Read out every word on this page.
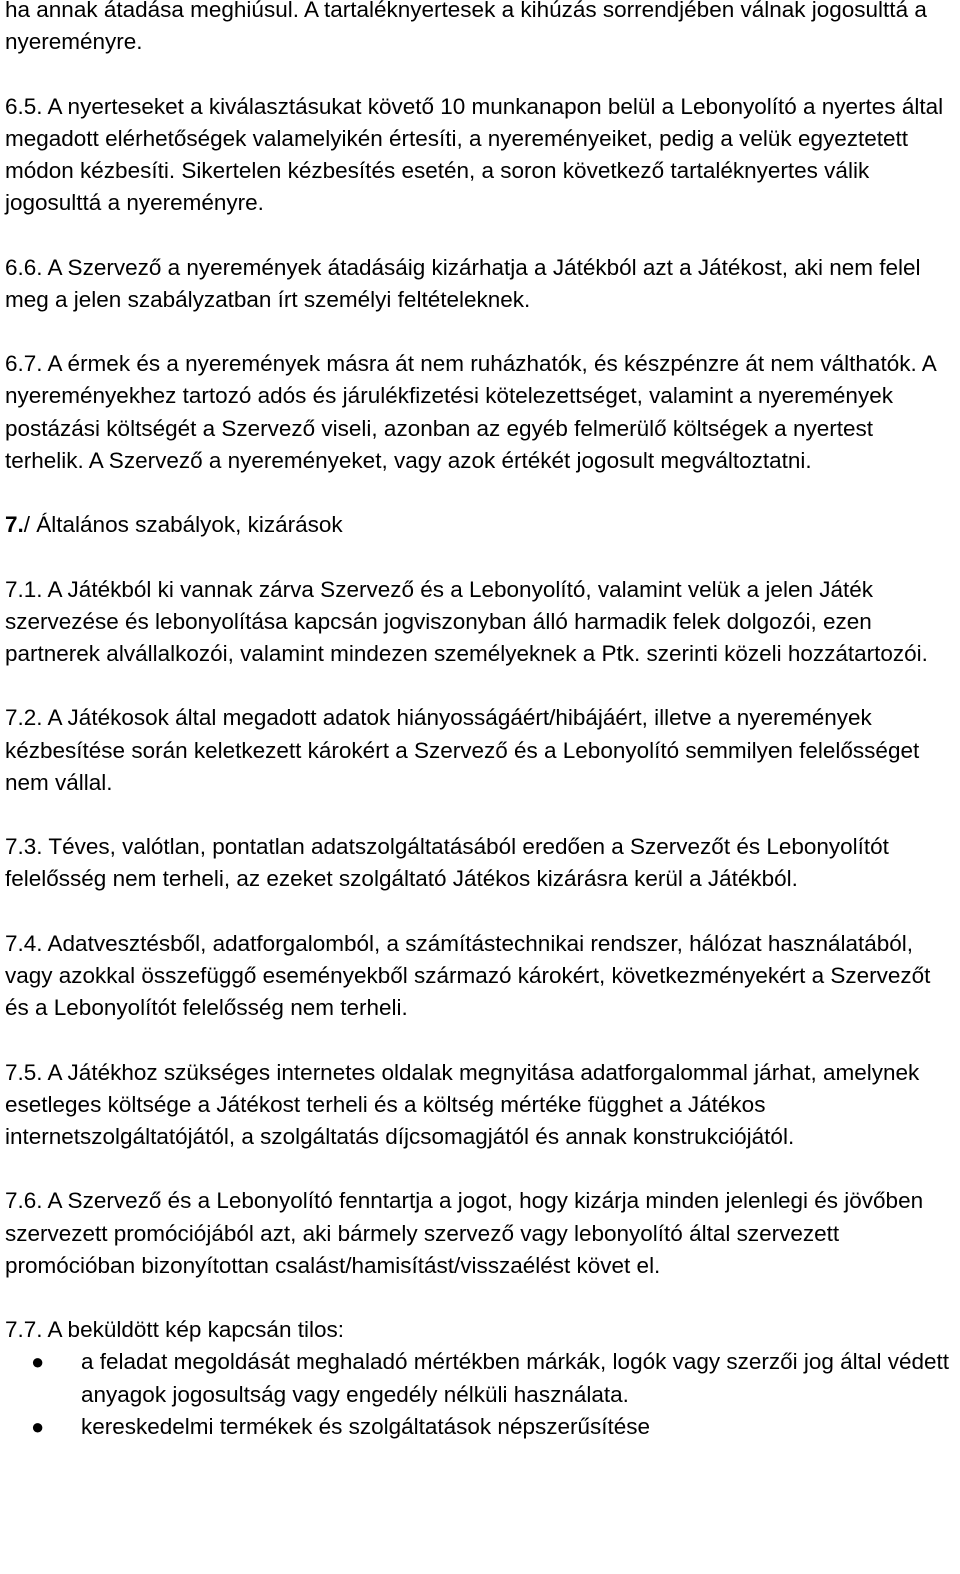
ha annak átadása meghiúsul. A tartaléknyertesek a kihúzás sorrendjében válnak jogosulttá a nyereményre.

6.5. A nyerteseket a kiválasztásukat követő 10 munkanapon belül a Lebonyolító a nyertes által megadott elérhetőségek valamelyikén értesíti, a nyereményeiket, pedig a velük egyeztetett módon kézbesíti. Sikertelen kézbesítés esetén, a soron következő tartaléknyertes válik jogosulttá a nyereményre.

6.6. A Szervező a nyeremények átadásáig kizárhatja a Játékból azt a Játékost, aki nem felel meg a jelen szabályzatban írt személyi feltételeknek.

6.7. A érmek és a nyeremények másra át nem ruházhatók, és készpénzre át nem válthatók. A nyereményekhez tartozó adós és járulékfizetési kötelezettséget, valamint a nyeremények postázási költségét a Szervező viseli, azonban az egyéb felmerülő költségek a nyertest terhelik. A Szervező a nyereményeket, vagy azok értékét jogosult megváltoztatni.

7./ Általános szabályok, kizárások

7.1. A Játékból ki vannak zárva Szervező és a Lebonyolító, valamint velük a jelen Játék szervezése és lebonyolítása kapcsán jogviszonyban álló harmadik felek dolgozói, ezen partnerek alvállalkozói, valamint mindezen személyeknek a Ptk. szerinti közeli hozzátartozói.

7.2. A Játékosok által megadott adatok hiányosságáért/hibájáért, illetve a nyeremények kézbesítése során keletkezett károkért a Szervező és a Lebonyolító semmilyen felelősséget nem vállal.

7.3. Téves, valótlan, pontatlan adatszolgáltatásából eredően a Szervezőt és Lebonyolítót felelősség nem terheli, az ezeket szolgáltató Játékos kizárásra kerül a Játékból.

7.4. Adatvesztésből, adatforgalomból, a számítástechnikai rendszer, hálózat használatából, vagy azokkal összefüggő eseményekből származó károkért, következményekért a Szervezőt és a Lebonyolítót felelősség nem terheli.

7.5. A Játékhoz szükséges internetes oldalak megnyitása adatforgalommal járhat, amelynek esetleges költsége a Játékost terheli és a költség mértéke függhet a Játékos internetszolgáltatójától, a szolgáltatás díjcsomagjától és annak konstrukciójától.

7.6. A Szervező és a Lebonyolító fenntartja a jogot, hogy kizárja minden jelenlegi és jövőben szervezett promóciójából azt, aki bármely szervező vagy lebonyolító által szervezett promócióban bizonyítottan csalást/hamisítást/visszaélést követ el.

7.7. A beküldött kép kapcsán tilos:

● a feladat megoldását meghaladó mértékben márkák, logók vagy szerzői jog által védett anyagok jogosultság vagy engedély nélküli használata.
● kereskedelmi termékek és szolgáltatások népszerűsítése
